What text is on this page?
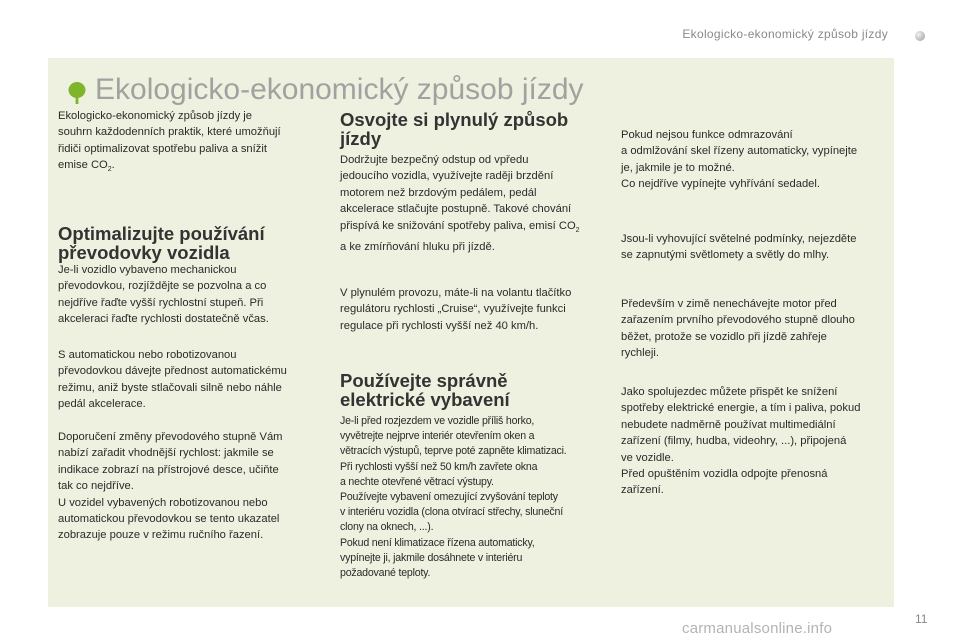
Ekologicko-ekonomický způsob jízdy
Ekologicko-ekonomický způsob jízdy
Ekologicko-ekonomický způsob jízdy je
souhrn každodenních praktik, které umožňují
řidiči optimalizovat spotřebu paliva a snížit
emise $CO_2$.
Optimalizujte používání
převodovky vozidla
Je-li vozidlo vybaveno mechanickou
převodovkou, rozjíždějte se pozvolna a co
nejdříve řaďte vyšší rychlostní stupeň. Při
akceleraci řaďte rychlosti dostatečně včas.
S automatickou nebo robotizovanou
převodovkou dávejte přednost automatickému
režimu, aniž byste stlačovali silně nebo náhle
pedál akcelerace.
Doporučení změny převodového stupně Vám
nabízí zařadit vhodnější rychlost: jakmile se
indikace zobrazí na přístrojové desce, učiňte
tak co nejdříve.
U vozidel vybavených robotizovanou nebo
automatickou převodovkou se tento ukazatel
zobrazuje pouze v režimu ručního řazení.
Osvojte si plynulý způsob
jízdy
Dodržujte bezpečný odstup od vpředu
jedoucího vozidla, využívejte raději brzdění
motorem než brzdovým pedálem, pedál
akcelerace stlačujte postupně. Takové chování
přispívá ke snižování spotřeby paliva, emisí $CO_2$
a ke zmírňování hluku při jízdě.
V plynulém provozu, máte-li na volantu tlačítko
regulátoru rychlosti „Cruise“, využívejte funkci
regulace při rychlosti vyšší než 40 km/h.
Používejte správně
elektrické vybavení
Je-li před rozjezdem ve vozidle příliš horko,
vyvětrejte nejprve interiér otevřením oken a
větracích výstupů, teprve poté zapněte klimatizaci.
Při rychlosti vyšší než 50 km/h zavřete okna
a nechte otevřené větrací výstupy.
Používejte vybavení omezující zvyšování teploty
v interiéru vozidla (clona otvírací střechy, sluneční
clony na oknech, ...).
Pokud není klimatizace řízena automaticky,
vypínejte ji, jakmile dosáhnete v interiéru
požadované teploty.
Pokud nejsou funkce odmrazování
a odmlžování skel řízeny automaticky, vypínejte
je, jakmile je to možné.
Co nejdříve vypínejte vyhřívání sedadel.
Jsou-li vyhovující světelné podmínky, nejezděte
se zapnutými světlomety a světly do mlhy.
Především v zimě nenechávejte motor před
zařazením prvního převodového stupně dlouho
běžet, protože se vozidlo při jízdě zahřeje
rychleji.
Jako spolujezdec můžete přispět ke snížení
spotřeby elektrické energie, a tím i paliva, pokud
nebudete nadměrně používat multimediální
zařízení (filmy, hudba, videohry, ...), připojená
ve vozidle.
Před opuštěním vozidla odpojte přenosná
zařízení.
11
carmanualsonline.info
